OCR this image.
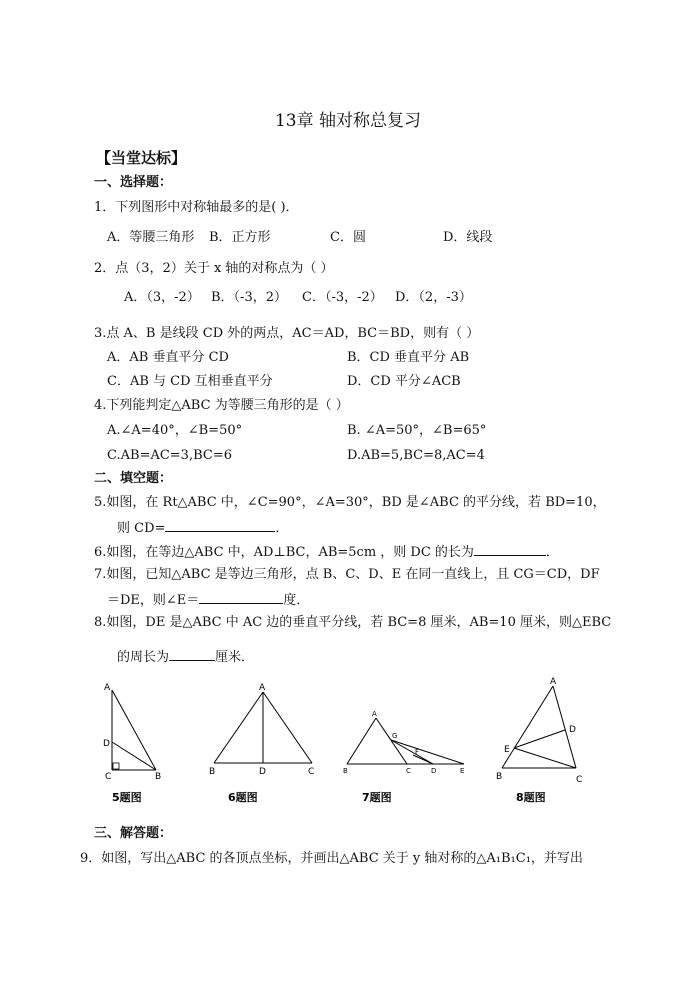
13章 轴对称总复习
【当堂达标】
一、选择题：
1．下列图形中对称轴最多的是( )．
A．等腰三角形 B．正方形	C．圆	D．线段
2．点（3，2）关于 x 轴的对称点为（ ）
A．（3，-2） B．（-3，2） C．（-3，-2） D．（2，-3）
3.点 A、B 是线段 CD 外的两点，AC＝AD，BC＝BD，则有（ ）
A．AB 垂直平分 CD	B．CD 垂直平分 AB
C．AB 与 CD 互相垂直平分	D．CD 平分∠ACB
4.下列能判定△ABC 为等腰三角形的是（ ）
A.∠A=40°，∠B=50°	B. ∠A=50°，∠B=65°
C.AB=AC=3,BC=6	D.AB=5,BC=8,AC=4
二、填空题：
5.如图，在 Rt△ABC 中，∠C=90°，∠A=30°，BD 是∠ABC 的平分线，若 BD=10，
则 CD=	．
6.如图，在等边△ABC 中，AD⊥BC，AB=5cm ，则 DC 的长为	．
7.如图，已知△ABC 是等边三角形，点 B、C、D、E 在同一直线上，且 CG＝CD，DF
＝DE，则∠E＝	度．
8.如图，DE 是△ABC 中 AC 边的垂直平分线，若 BC=8 厘米，AB=10 厘米，则△EBC
的周长为	厘米．
A
D
C	B
5题图
A
B	D	C
6题图
A
G
F
B	C	D	E
7题图
A
D
E
B	C
8题图
三、解答题：
9．如图，写出△ABC 的各顶点坐标，并画出△ABC 关于 y 轴对称的△A₁B₁C₁，并写出
